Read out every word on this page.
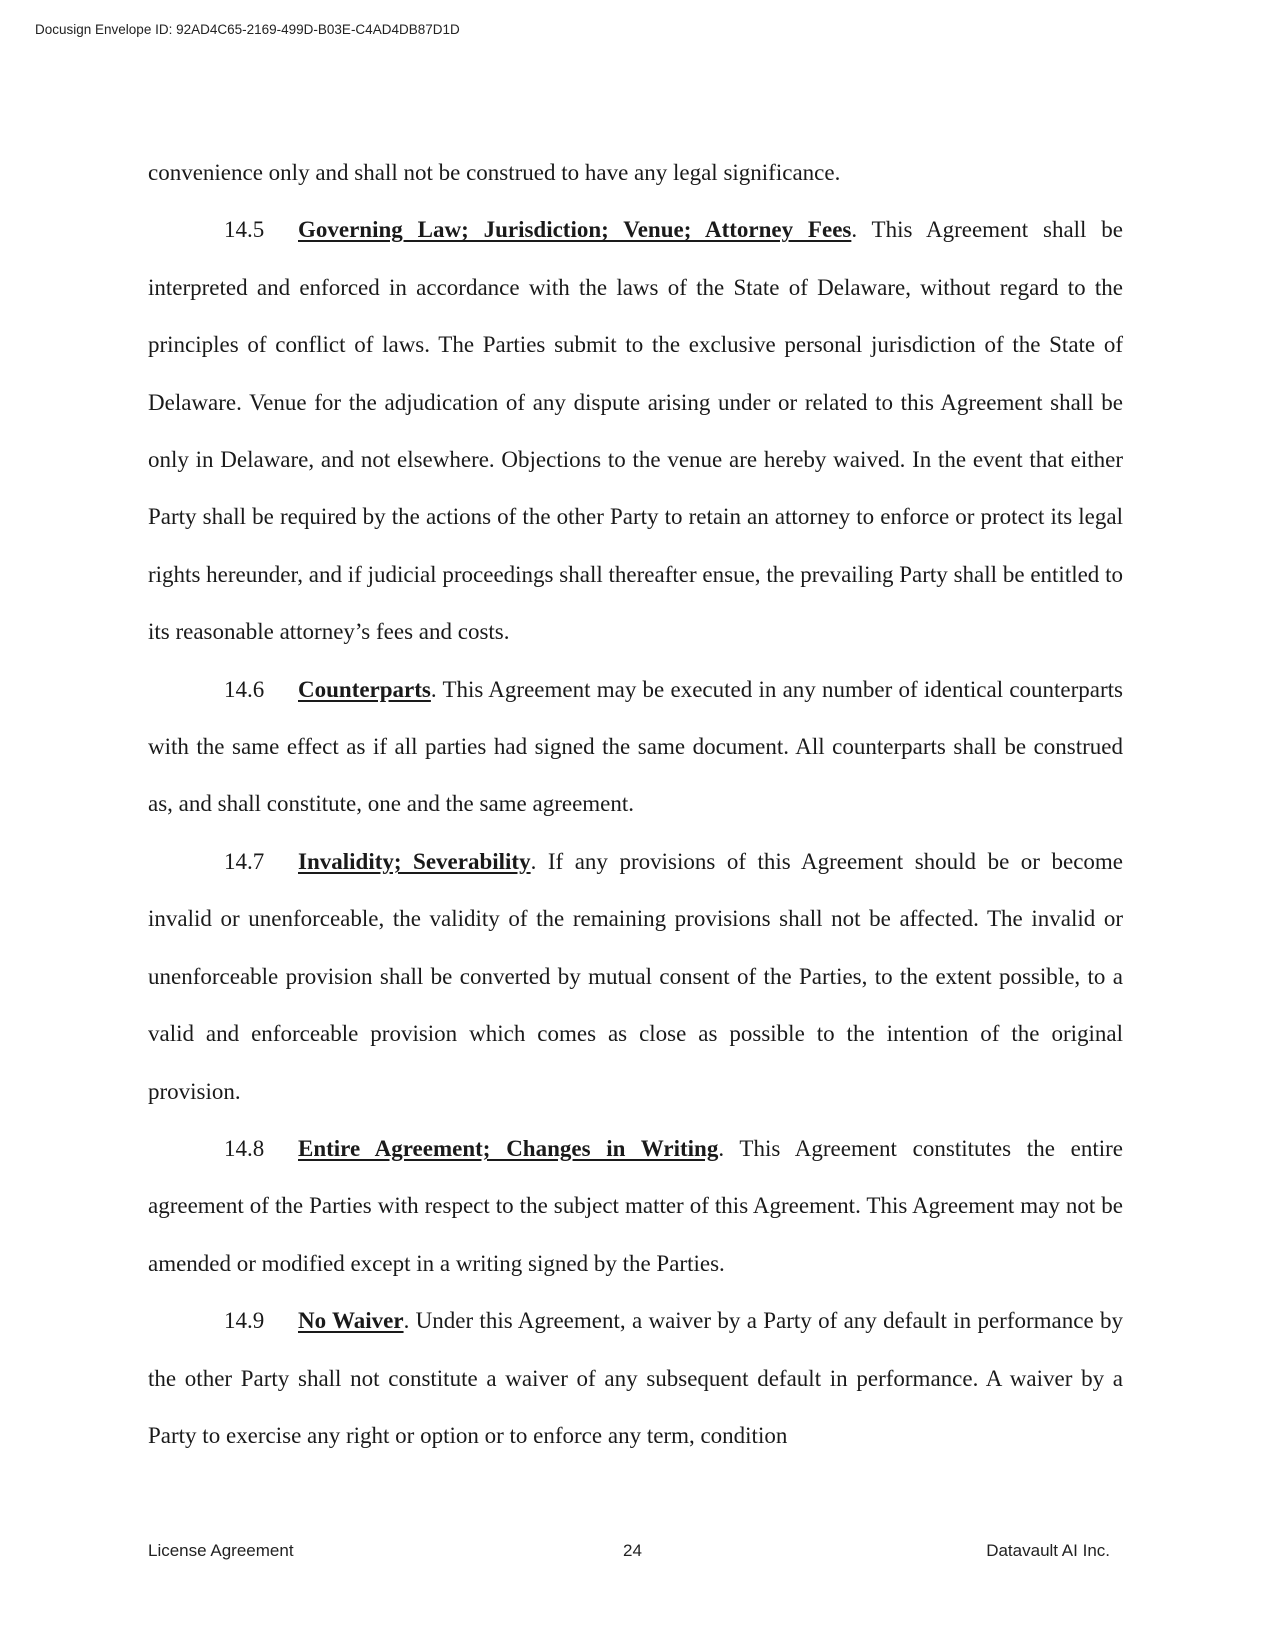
Docusign Envelope ID: 92AD4C65-2169-499D-B03E-C4AD4DB87D1D

convenience only and shall not be construed to have any legal significance.

14.5 Governing Law; Jurisdiction; Venue; Attorney Fees. This Agreement shall be interpreted and enforced in accordance with the laws of the State of Delaware, without regard to the principles of conflict of laws. The Parties submit to the exclusive personal jurisdiction of the State of Delaware. Venue for the adjudication of any dispute arising under or related to this Agreement shall be only in Delaware, and not elsewhere. Objections to the venue are hereby waived. In the event that either Party shall be required by the actions of the other Party to retain an attorney to enforce or protect its legal rights hereunder, and if judicial proceedings shall thereafter ensue, the prevailing Party shall be entitled to its reasonable attorney’s fees and costs.

14.6 Counterparts. This Agreement may be executed in any number of identical counterparts with the same effect as if all parties had signed the same document. All counterparts shall be construed as, and shall constitute, one and the same agreement.

14.7 Invalidity; Severability. If any provisions of this Agreement should be or become invalid or unenforceable, the validity of the remaining provisions shall not be affected. The invalid or unenforceable provision shall be converted by mutual consent of the Parties, to the extent possible, to a valid and enforceable provision which comes as close as possible to the intention of the original provision.

14.8 Entire Agreement; Changes in Writing. This Agreement constitutes the entire agreement of the Parties with respect to the subject matter of this Agreement. This Agreement may not be amended or modified except in a writing signed by the Parties.

14.9 No Waiver. Under this Agreement, a waiver by a Party of any default in performance by the other Party shall not constitute a waiver of any subsequent default in performance. A waiver by a Party to exercise any right or option or to enforce any term, condition

License Agreement	24	Datavault AI Inc.
